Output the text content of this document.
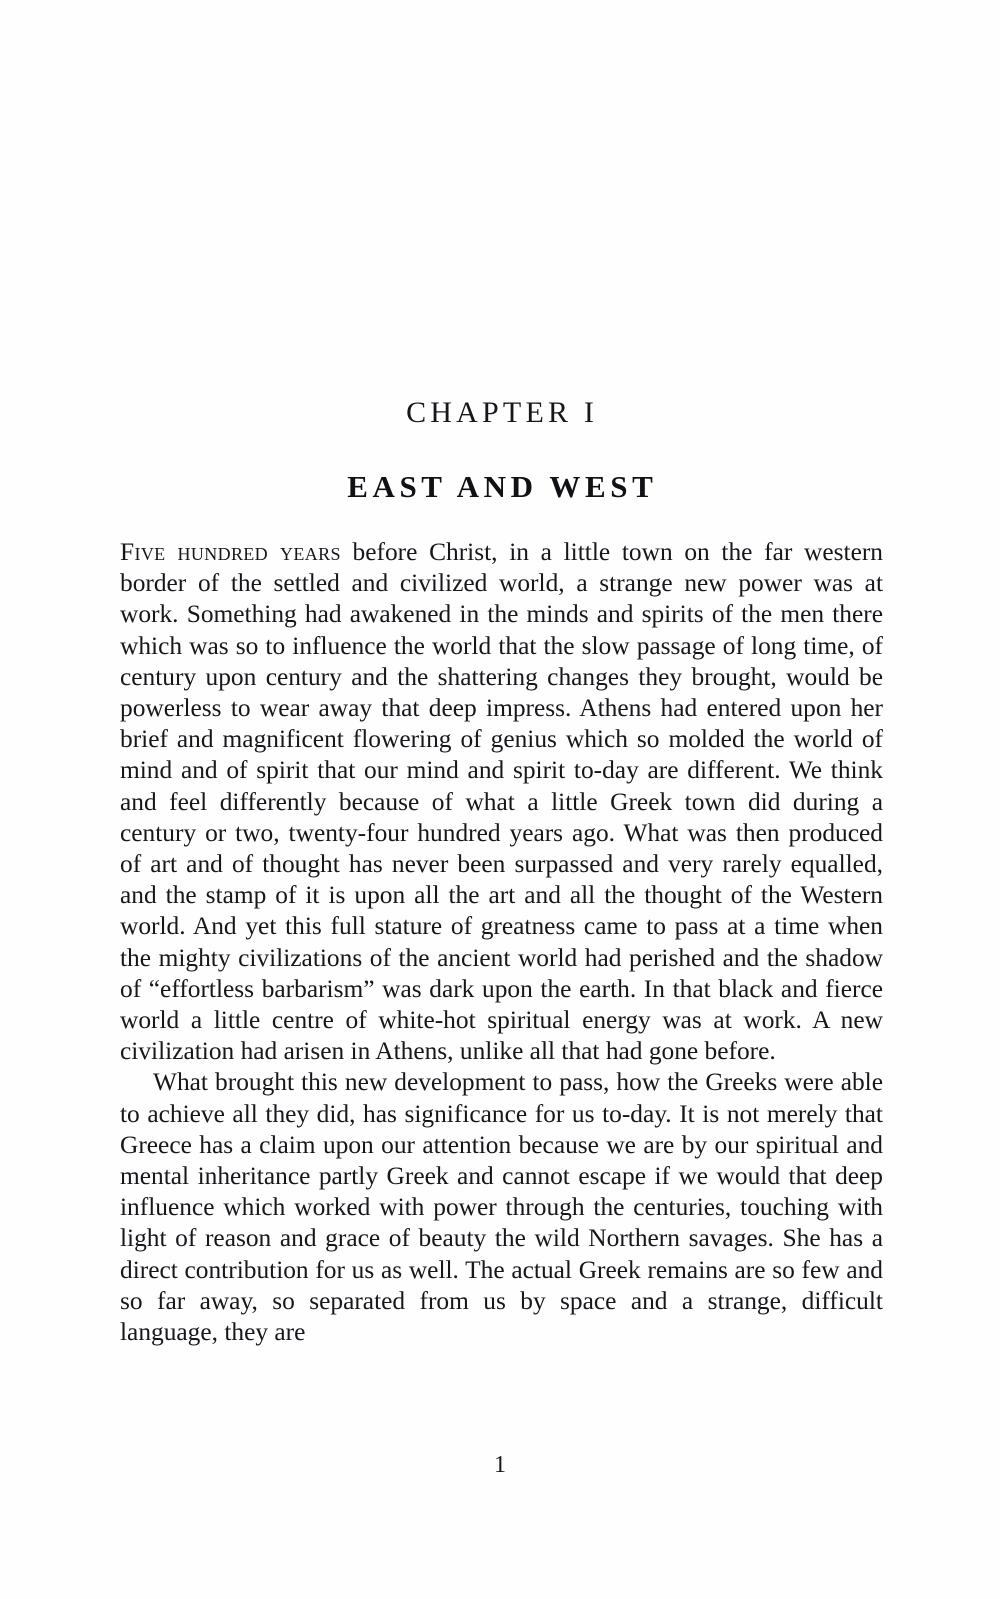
CHAPTER I
EAST AND WEST

Five hundred years before Christ, in a little town on the far western border of the settled and civilized world, a strange new power was at work. Something had awakened in the minds and spirits of the men there which was so to influence the world that the slow passage of long time, of century upon century and the shattering changes they brought, would be powerless to wear away that deep impress. Athens had entered upon her brief and magnificent flowering of genius which so molded the world of mind and of spirit that our mind and spirit to-day are different. We think and feel differently because of what a little Greek town did during a century or two, twenty-four hundred years ago. What was then produced of art and of thought has never been surpassed and very rarely equalled, and the stamp of it is upon all the art and all the thought of the Western world. And yet this full stature of greatness came to pass at a time when the mighty civilizations of the ancient world had perished and the shadow of “effortless barbarism” was dark upon the earth. In that black and fierce world a little centre of white-hot spiritual energy was at work. A new civilization had arisen in Athens, unlike all that had gone before.

What brought this new development to pass, how the Greeks were able to achieve all they did, has significance for us to-day. It is not merely that Greece has a claim upon our attention because we are by our spiritual and mental inheritance partly Greek and cannot escape if we would that deep influence which worked with power through the centuries, touching with light of reason and grace of beauty the wild Northern savages. She has a direct contribution for us as well. The actual Greek remains are so few and so far away, so separated from us by space and a strange, difficult language, they are

1
